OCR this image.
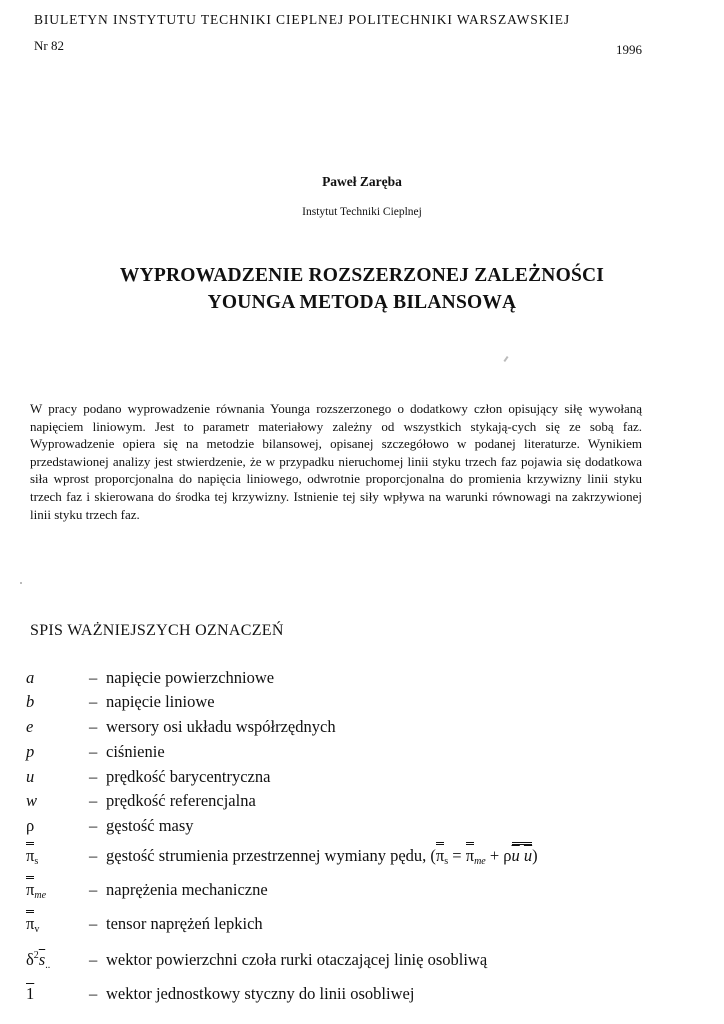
BIULETYN INSTYTUTU TECHNIKI CIEPLNEJ POLITECHNIKI WARSZAWSKIEJ
Nr 82	1996
Paweł Zaręba
Instytut Techniki Cieplnej
WYPROWADZENIE ROZSZERZONEJ ZALEŻNOŚCI
YOUNGA METODĄ BILANSOWĄ
W pracy podano wyprowadzenie równania Younga rozszerzonego o dodatkowy człon opisujący siłę wywołaną napięciem liniowym. Jest to parametr materiałowy zależny od wszystkich stykają-cych się ze sobą faz. Wyprowadzenie opiera się na metodzie bilansowej, opisanej szczegółowo w podanej literaturze. Wynikiem przedstawionej analizy jest stwierdzenie, że w przypadku nieruchomej linii styku trzech faz pojawia się dodatkowa siła wprost proporcjonalna do napięcia liniowego, odwrotnie proporcjonalna do promienia krzywizny linii styku trzech faz i skierowana do środka tej krzywizny. Istnienie tej siły wpływa na warunki równowagi na zakrzywionej linii styku trzech faz.
SPIS WAŻNIEJSZYCH OZNACZEŃ
a	– napięcie powierzchniowe
b	– napięcie liniowe
e	– wersory osi układu współrzędnych
p	– ciśnienie
u	– prędkość barycentryczna
w	– prędkość referencjalna
ρ	– gęstość masy
$\pi_s$	– gęstość strumienia przestrzennej wymiany pędu, ($\pi_s = \pi_{me} + \rho\overline{u}$ $\overline{u}$)
$\pi_{me}$	– naprężenia mechaniczne
$\pi_v$	– tensor naprężeń lepkich
$\delta^2\overline{s}_{..}$ – wektor powierzchni czoła rurki otaczającej linię osobliwą
1	– wektor jednostkowy styczny do linii osobliwej
